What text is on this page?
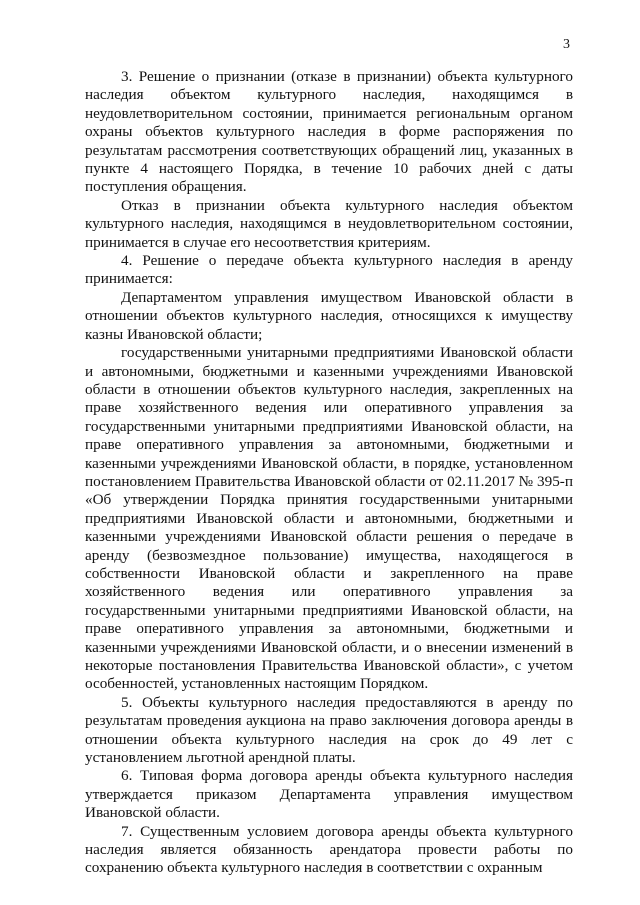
3

3. Решение о признании (отказе в признании) объекта культурного наследия объектом культурного наследия, находящимся в неудовлетворительном состоянии, принимается региональным органом охраны объектов культурного наследия в форме распоряжения по результатам рассмотрения соответствующих обращений лиц, указанных в пункте 4 настоящего Порядка, в течение 10 рабочих дней с даты поступления обращения.

Отказ в признании объекта культурного наследия объектом культурного наследия, находящимся в неудовлетворительном состоянии, принимается в случае его несоответствия критериям.

4. Решение о передаче объекта культурного наследия в аренду принимается:

Департаментом управления имуществом Ивановской области в отношении объектов культурного наследия, относящихся к имуществу казны Ивановской области;

государственными унитарными предприятиями Ивановской области и автономными, бюджетными и казенными учреждениями Ивановской области в отношении объектов культурного наследия, закрепленных на праве хозяйственного ведения или оперативного управления за государственными унитарными предприятиями Ивановской области, на праве оперативного управления за автономными, бюджетными и казенными учреждениями Ивановской области, в порядке, установленном постановлением Правительства Ивановской области от 02.11.2017 № 395-п «Об утверждении Порядка принятия государственными унитарными предприятиями Ивановской области и автономными, бюджетными и казенными учреждениями Ивановской области решения о передаче в аренду (безвозмездное пользование) имущества, находящегося в собственности Ивановской области и закрепленного на праве хозяйственного ведения или оперативного управления за государственными унитарными предприятиями Ивановской области, на праве оперативного управления за автономными, бюджетными и казенными учреждениями Ивановской области, и о внесении изменений в некоторые постановления Правительства Ивановской области», с учетом особенностей, установленных настоящим Порядком.

5. Объекты культурного наследия предоставляются в аренду по результатам проведения аукциона на право заключения договора аренды в отношении объекта культурного наследия на срок до 49 лет с установлением льготной арендной платы.

6. Типовая форма договора аренды объекта культурного наследия утверждается приказом Департамента управления имуществом Ивановской области.

7. Существенным условием договора аренды объекта культурного наследия является обязанность арендатора провести работы по сохранению объекта культурного наследия в соответствии с охранным
